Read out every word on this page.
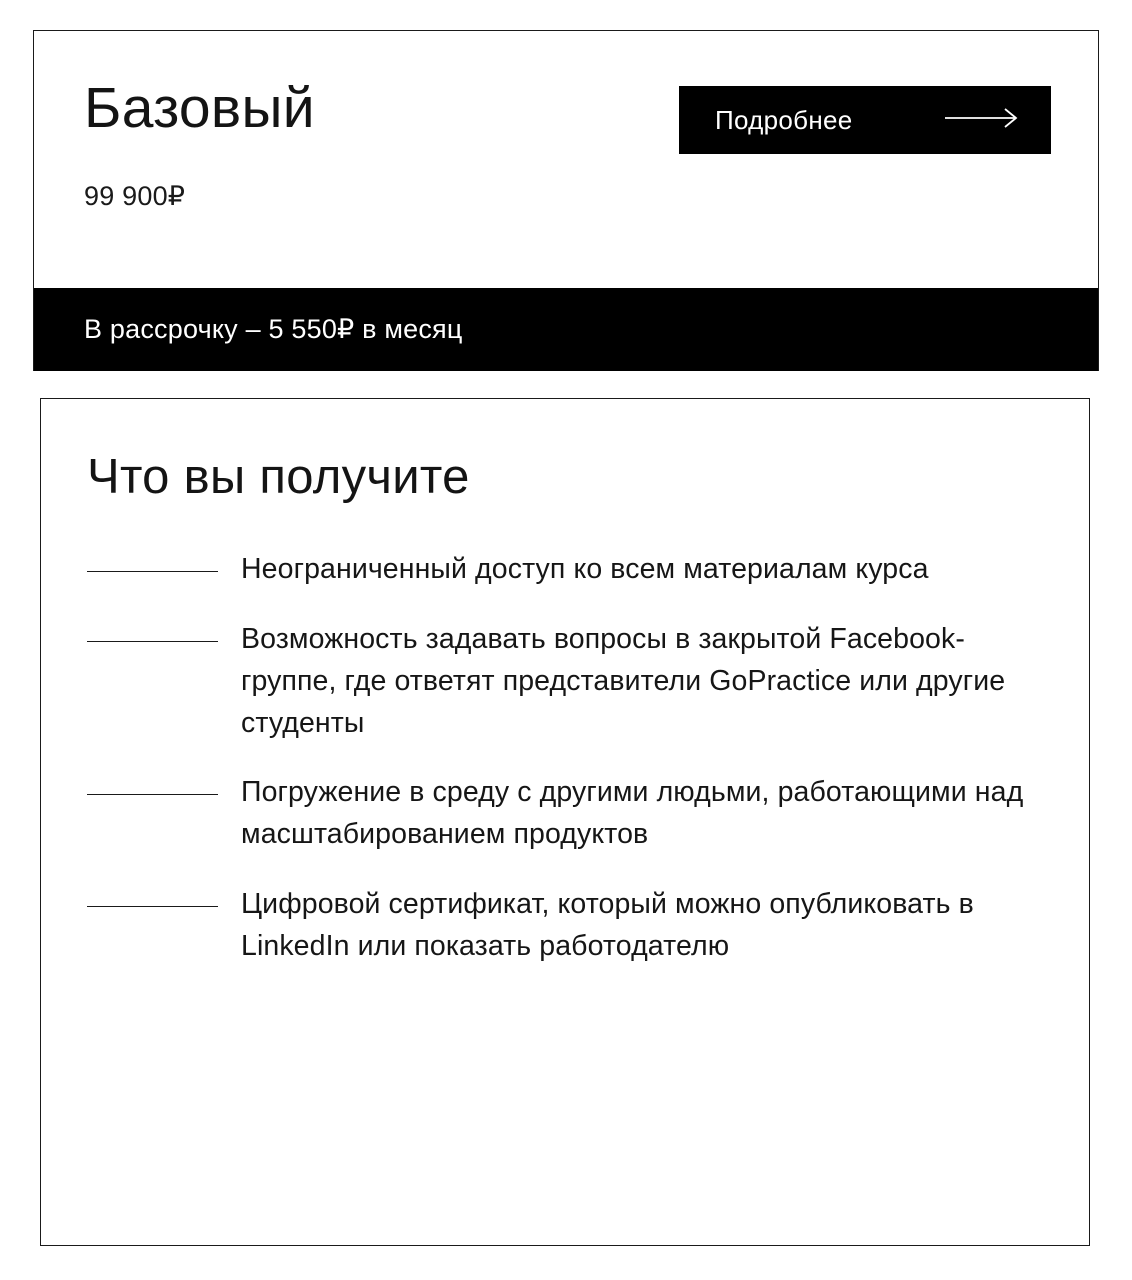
Базовый
99 900₽
Подробнее
В рассрочку – 5 550₽ в месяц
Что вы получите
Неограниченный доступ ко всем материалам курса
Возможность задавать вопросы в закрытой Facebook-группе, где ответят представители GoPractice или другие студенты
Погружение в среду с другими людьми, работающими над масштабированием продуктов
Цифровой сертификат, который можно опубликовать в LinkedIn или показать работодателю
